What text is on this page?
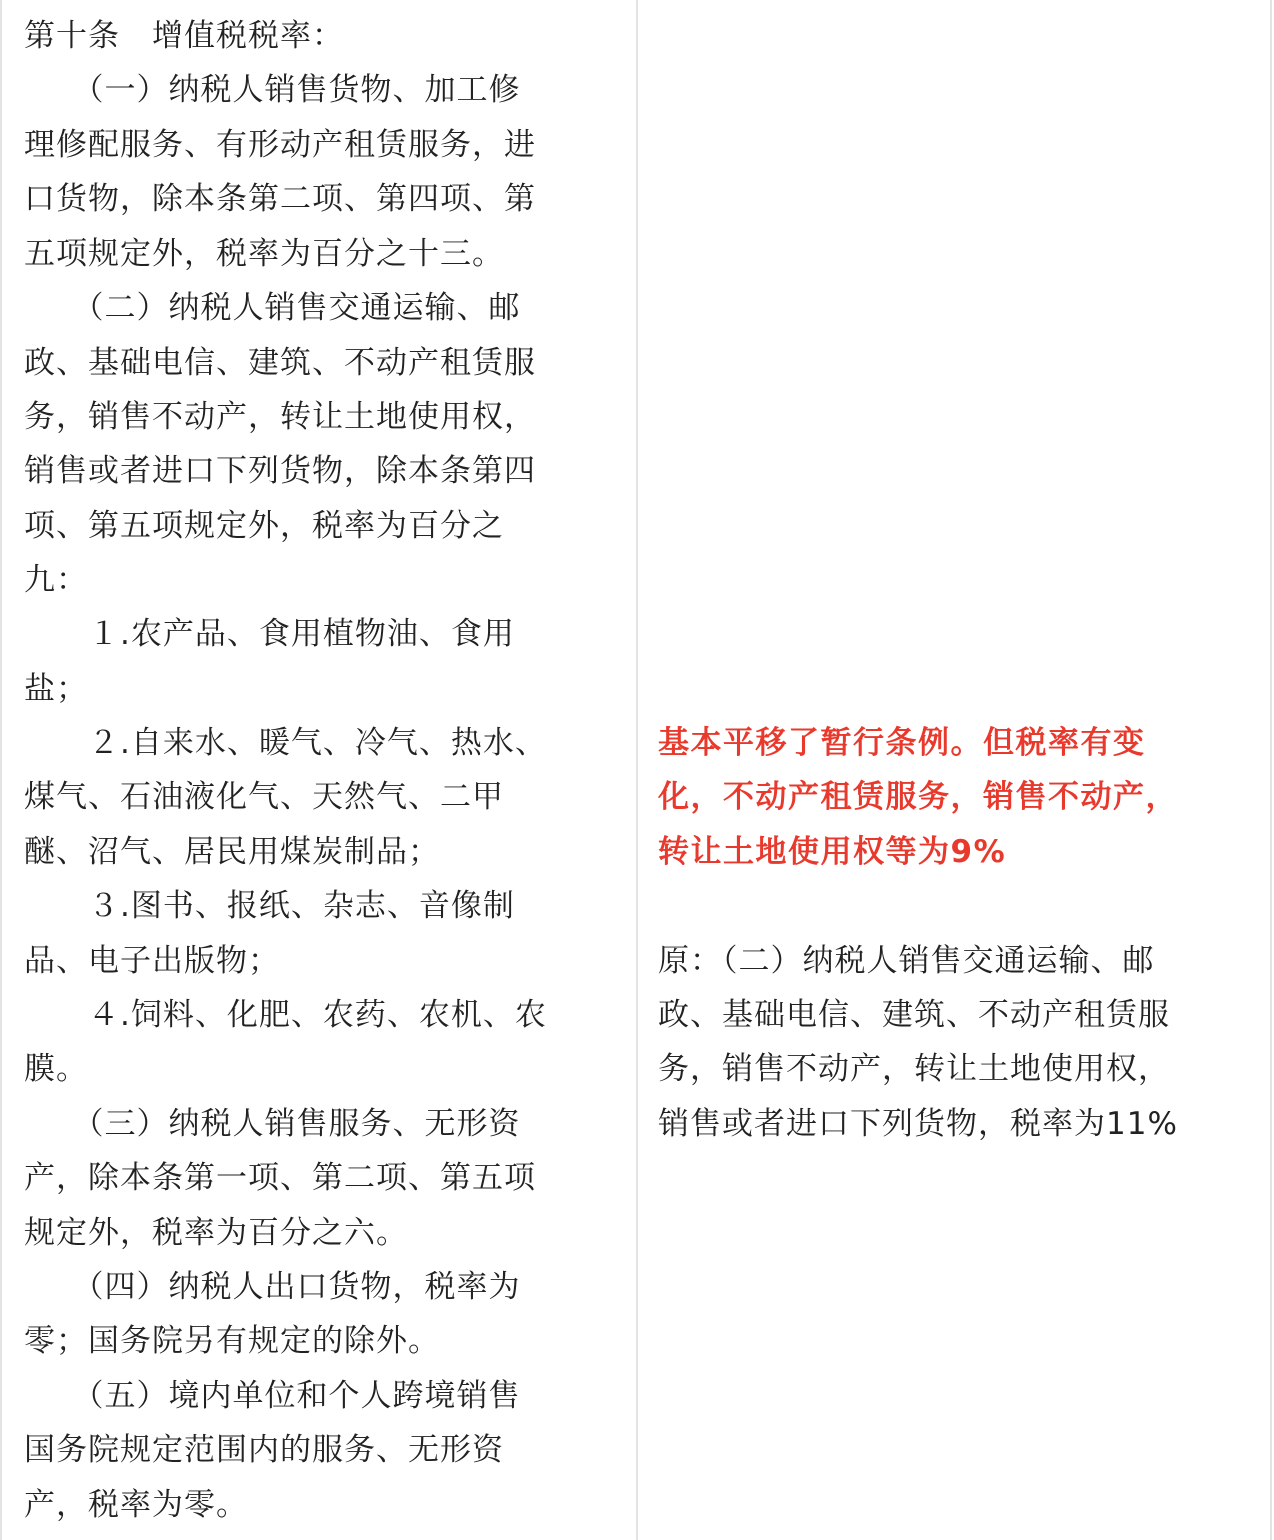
第十条　增值税税率：
　　（一）纳税人销售货物、加工修
理修配服务、有形动产租赁服务，进
口货物，除本条第二项、第四项、第
五项规定外，税率为百分之十三。
　　（二）纳税人销售交通运输、邮
政、基础电信、建筑、不动产租赁服
务，销售不动产，转让土地使用权，
销售或者进口下列货物，除本条第四
项、第五项规定外，税率为百分之
九：
　　１.农产品、食用植物油、食用
盐；
　　２.自来水、暖气、冷气、热水、
煤气、石油液化气、天然气、二甲
醚、沼气、居民用煤炭制品；
　　３.图书、报纸、杂志、音像制
品、电子出版物；
　　４.饲料、化肥、农药、农机、农
膜。
　　（三）纳税人销售服务、无形资
产，除本条第一项、第二项、第五项
规定外，税率为百分之六。
　　（四）纳税人出口货物，税率为
零；国务院另有规定的除外。
　　（五）境内单位和个人跨境销售
国务院规定范围内的服务、无形资
产，税率为零。
基本平移了暂行条例。但税率有变
化，不动产租赁服务，销售不动产，
转让土地使用权等为9%
原：（二）纳税人销售交通运输、邮
政、基础电信、建筑、不动产租赁服
务，销售不动产，转让土地使用权，
销售或者进口下列货物，税率为11%
